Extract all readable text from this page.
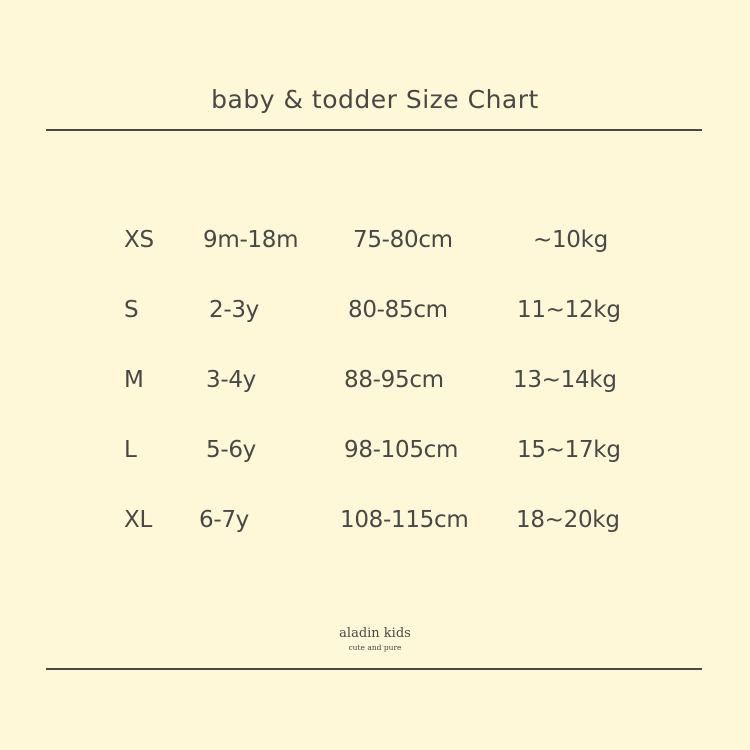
baby & todder Size Chart
XS 9m-18m 75-80cm	~10kg
S	2-3y	80-85cm	11~12kg
M	3-4y	88-95cm	13~14kg
L	5-6y	98-105cm	15~17kg
XL 6-7y	108-115cm 18~20kg
aladin kids
cute and pure
